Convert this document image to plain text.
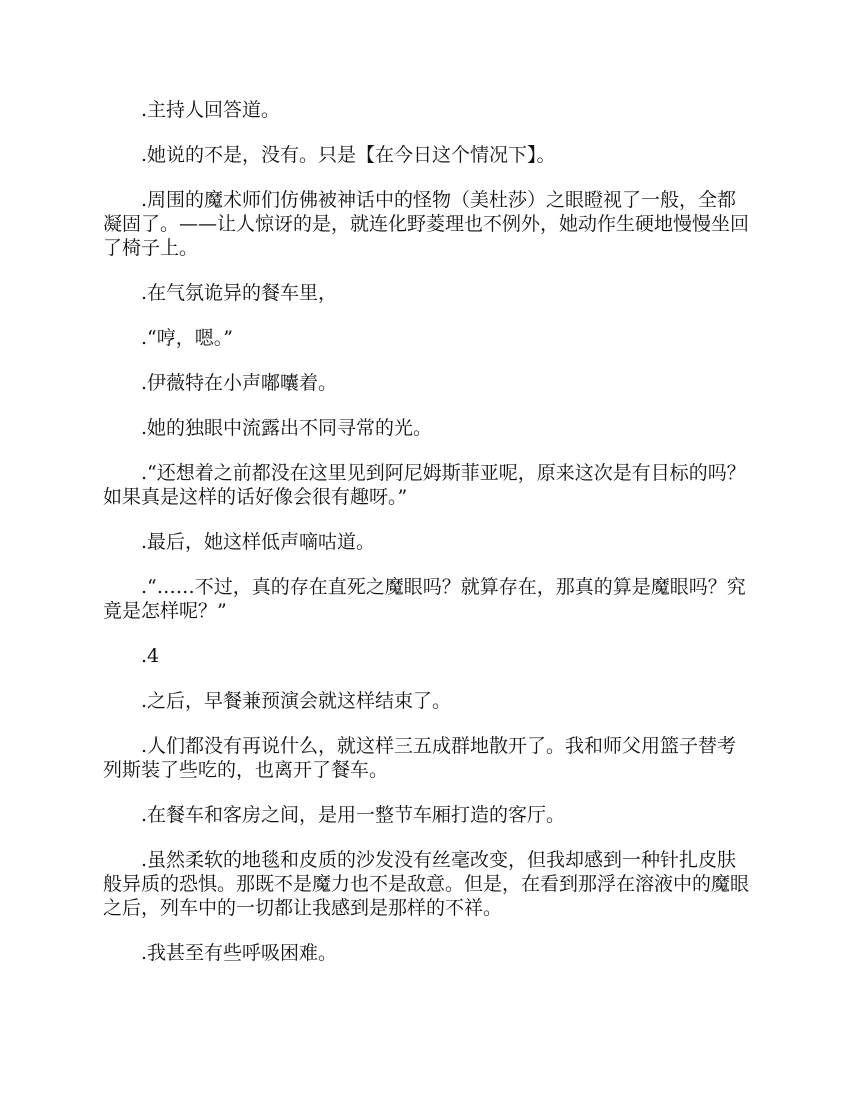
.主持人回答道。

.她说的不是，没有。只是【在今日这个情况下】。

.周围的魔术师们仿佛被神话中的怪物（美杜莎）之眼瞪视了一般，全都凝固了。——让人惊讶的是，就连化野菱理也不例外，她动作生硬地慢慢坐回了椅子上。

.在气氛诡异的餐车里，

.“哼，嗯。”

.伊薇特在小声嘟囔着。

.她的独眼中流露出不同寻常的光。

.“还想着之前都没在这里见到阿尼姆斯菲亚呢，原来这次是有目标的吗？如果真是这样的话好像会很有趣呀。”

.最后，她这样低声嘀咕道。

.“……不过，真的存在直死之魔眼吗？就算存在，那真的算是魔眼吗？究竟是怎样呢？”

.4

.之后，早餐兼预演会就这样结束了。

.人们都没有再说什么，就这样三五成群地散开了。我和师父用篮子替考列斯装了些吃的，也离开了餐车。

.在餐车和客房之间，是用一整节车厢打造的客厅。

.虽然柔软的地毯和皮质的沙发没有丝毫改变，但我却感到一种针扎皮肤般异质的恐惧。那既不是魔力也不是敌意。但是，在看到那浮在溶液中的魔眼之后，列车中的一切都让我感到是那样的不祥。

.我甚至有些呼吸困难。
